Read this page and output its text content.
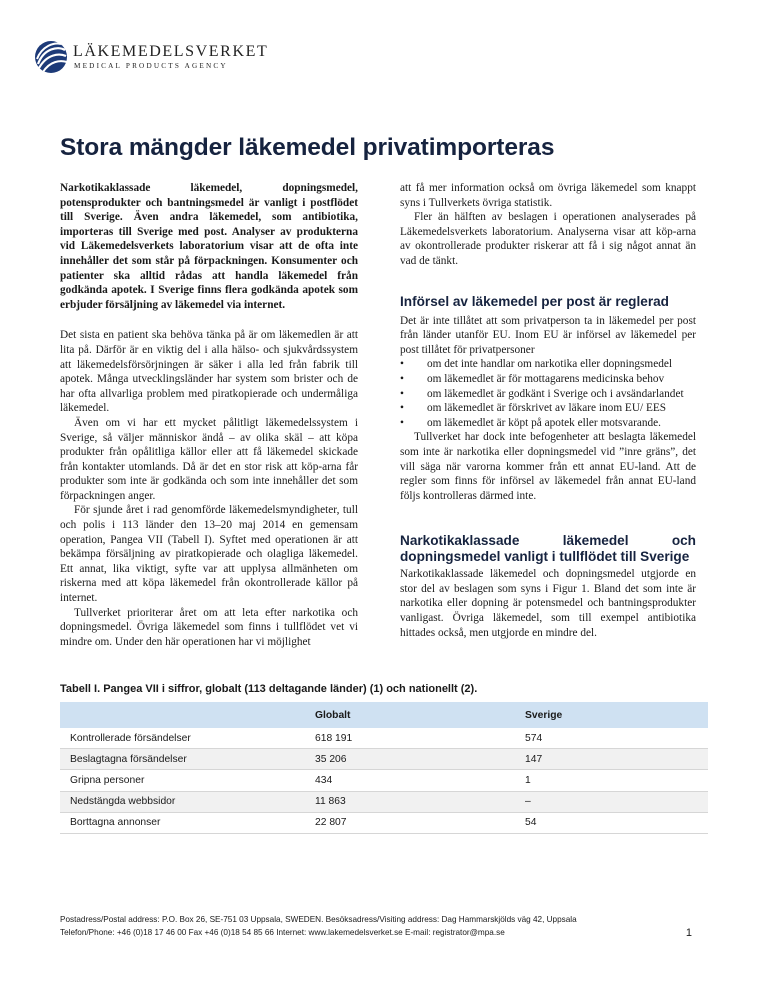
LÄKEMEDELSVERKET
MEDICAL PRODUCTS AGENCY
Stora mängder läkemedel privatimporteras

Narkotikaklassade läkemedel, dopningsmedel, potensprodukter och bantningsmedel är vanligt i postflödet till Sverige. Även andra läkemedel, som antibiotika, importeras till Sverige med post. Analyser av produkterna vid Läkemedelsverkets laboratorium visar att de ofta inte innehåller det som står på förpackningen. Konsumenter och patienter ska alltid rådas att handla läkemedel från godkända apotek. I Sverige finns flera godkända apotek som erbjuder försäljning av läkemedel via internet.

Det sista en patient ska behöva tänka på är om läkemedlen är att lita på. Därför är en viktig del i alla hälso- och sjukvårdssystem att läkemedelsförsörjningen är säker i alla led från fabrik till apotek. Många utvecklingsländer har system som brister och de har ofta allvarliga problem med piratkopierade och undermåliga läkemedel.

Även om vi har ett mycket pålitligt läkemedelssystem i Sverige, så väljer människor ändå – av olika skäl – att köpa produkter från opålitliga källor eller att få läkemedel skickade från kontakter utomlands. Då är det en stor risk att köp-arna får produkter som inte är godkända och som inte innehåller det som förpackningen anger.

För sjunde året i rad genomförde läkemedelsmyndigheter, tull och polis i 113 länder den 13–20 maj 2014 en gemensam operation, Pangea VII (Tabell I). Syftet med operationen är att bekämpa försäljning av piratkopierade och olagliga läkemedel. Ett annat, lika viktigt, syfte var att upplysa allmänheten om riskerna med att köpa läkemedel från okontrollerade källor på internet.

Tullverket prioriterar året om att leta efter narkotika och dopningsmedel. Övriga läkemedel som finns i tullflödet vet vi mindre om. Under den här operationen har vi möjlighet

att få mer information också om övriga läkemedel som knappt syns i Tullverkets övriga statistik.

Fler än hälften av beslagen i operationen analyserades på Läkemedelsverkets laboratorium. Analyserna visar att köp-arna av okontrollerade produkter riskerar att få i sig något annat än vad de tänkt.

Införsel av läkemedel per post är reglerad

Det är inte tillåtet att som privatperson ta in läkemedel per post från länder utanför EU. Inom EU är införsel av läkemedel per post tillåtet för privatpersoner

• om det inte handlar om narkotika eller dopningsmedel
• om läkemedlet är för mottagarens medicinska behov
• om läkemedlet är godkänt i Sverige och i avsändarlandet
• om läkemedlet är förskrivet av läkare inom EU/ EES
• om läkemedlet är köpt på apotek eller motsvarande.

Tullverket har dock inte befogenheter att beslagta läkemedel som inte är narkotika eller dopningsmedel vid ”inre gräns”, det vill säga när varorna kommer från ett annat EU-land. Att de regler som finns för införsel av läkemedel från annat EU-land följs kontrolleras därmed inte.

Narkotikaklassade läkemedel och dopningsmedel vanligt i tullflödet till Sverige

Narkotikaklassade läkemedel och dopningsmedel utgjorde en stor del av beslagen som syns i Figur 1. Bland det som inte är narkotika eller dopning är potensmedel och bantningsprodukter vanligast. Övriga läkemedel, som till exempel antibiotika hittades också, men utgjorde en mindre del.

Tabell I. Pangea VII i siffror, globalt (113 deltagande länder) (1) och nationellt (2).

	Globalt	Sverige
Kontrollerade försändelser	618 191	574
Beslagtagna försändelser	35 206	147
Gripna personer	434	1
Nedstängda webbsidor	11 863	–
Borttagna annonser	22 807	54

Postadress/Postal address: P.O. Box 26, SE-751 03 Uppsala, SWEDEN. Besöksadress/Visiting address: Dag Hammarskjölds väg 42, Uppsala

Telefon/Phone: +46 (0)18 17 46 00 Fax +46 (0)18 54 85 66 Internet: www.lakemedelsverket.se E-mail: registrator@mpa.se	1
